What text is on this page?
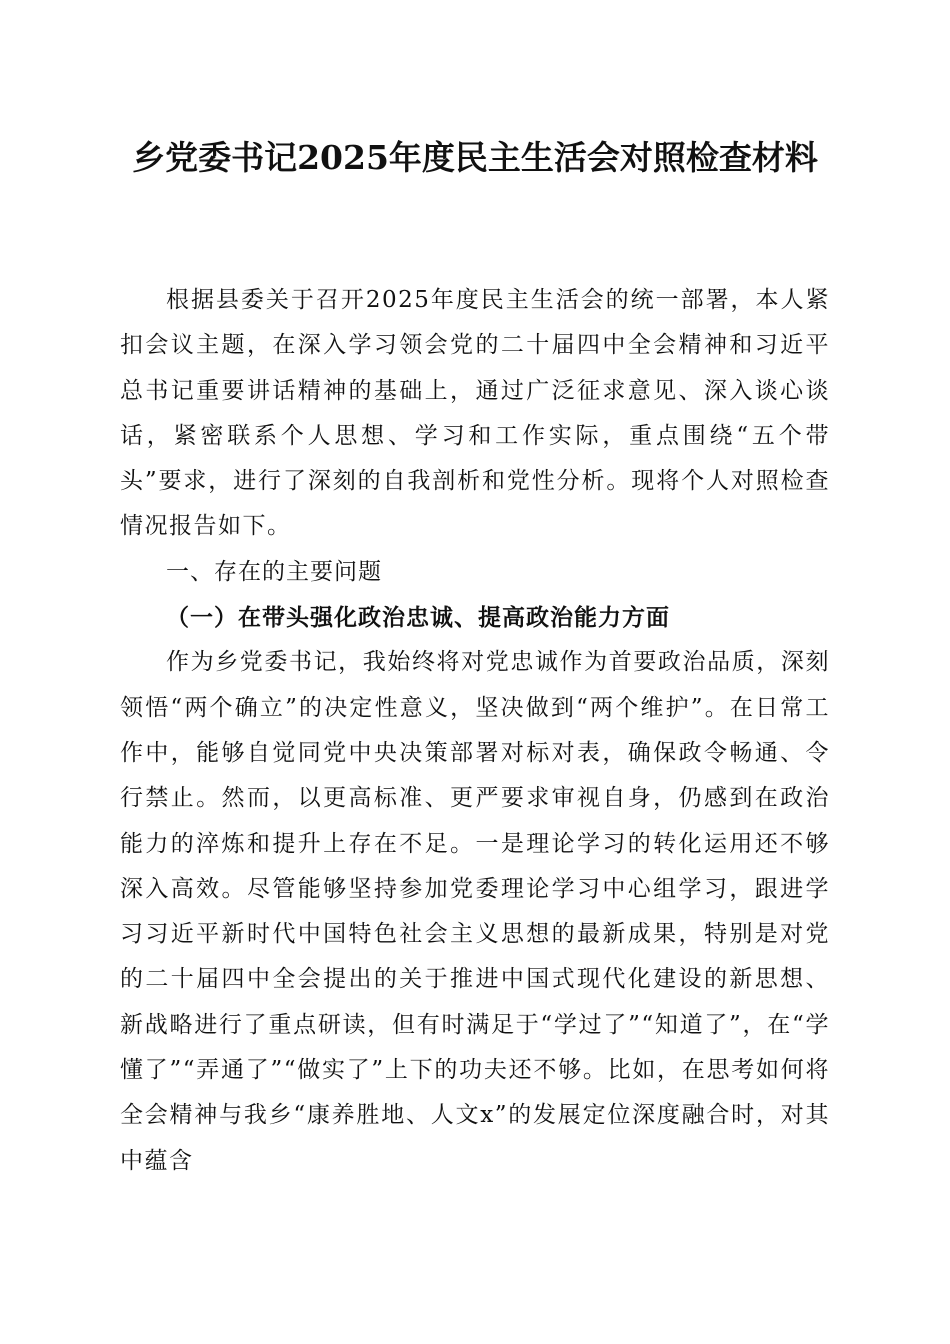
乡党委书记2025年度民主生活会对照检查材料

根据县委关于召开2025年度民主生活会的统一部署，本人紧扣会议主题，在深入学习领会党的二十届四中全会精神和习近平总书记重要讲话精神的基础上，通过广泛征求意见、深入谈心谈话，紧密联系个人思想、学习和工作实际，重点围绕“五个带头”要求，进行了深刻的自我剖析和党性分析。现将个人对照检查情况报告如下。

一、存在的主要问题

（一）在带头强化政治忠诚、提高政治能力方面

作为乡党委书记，我始终将对党忠诚作为首要政治品质，深刻领悟“两个确立”的决定性意义，坚决做到“两个维护”。在日常工作中，能够自觉同党中央决策部署对标对表，确保政令畅通、令行禁止。然而，以更高标准、更严要求审视自身，仍感到在政治能力的淬炼和提升上存在不足。一是理论学习的转化运用还不够深入高效。尽管能够坚持参加党委理论学习中心组学习，跟进学习习近平新时代中国特色社会主义思想的最新成果，特别是对党的二十届四中全会提出的关于推进中国式现代化建设的新思想、新战略进行了重点研读，但有时满足于“学过了”“知道了”，在“学懂了”“弄通了”“做实了”上下的功夫还不够。比如，在思考如何将全会精神与我乡“康养胜地、人文x”的发展定位深度融合时，对其中蕴含
